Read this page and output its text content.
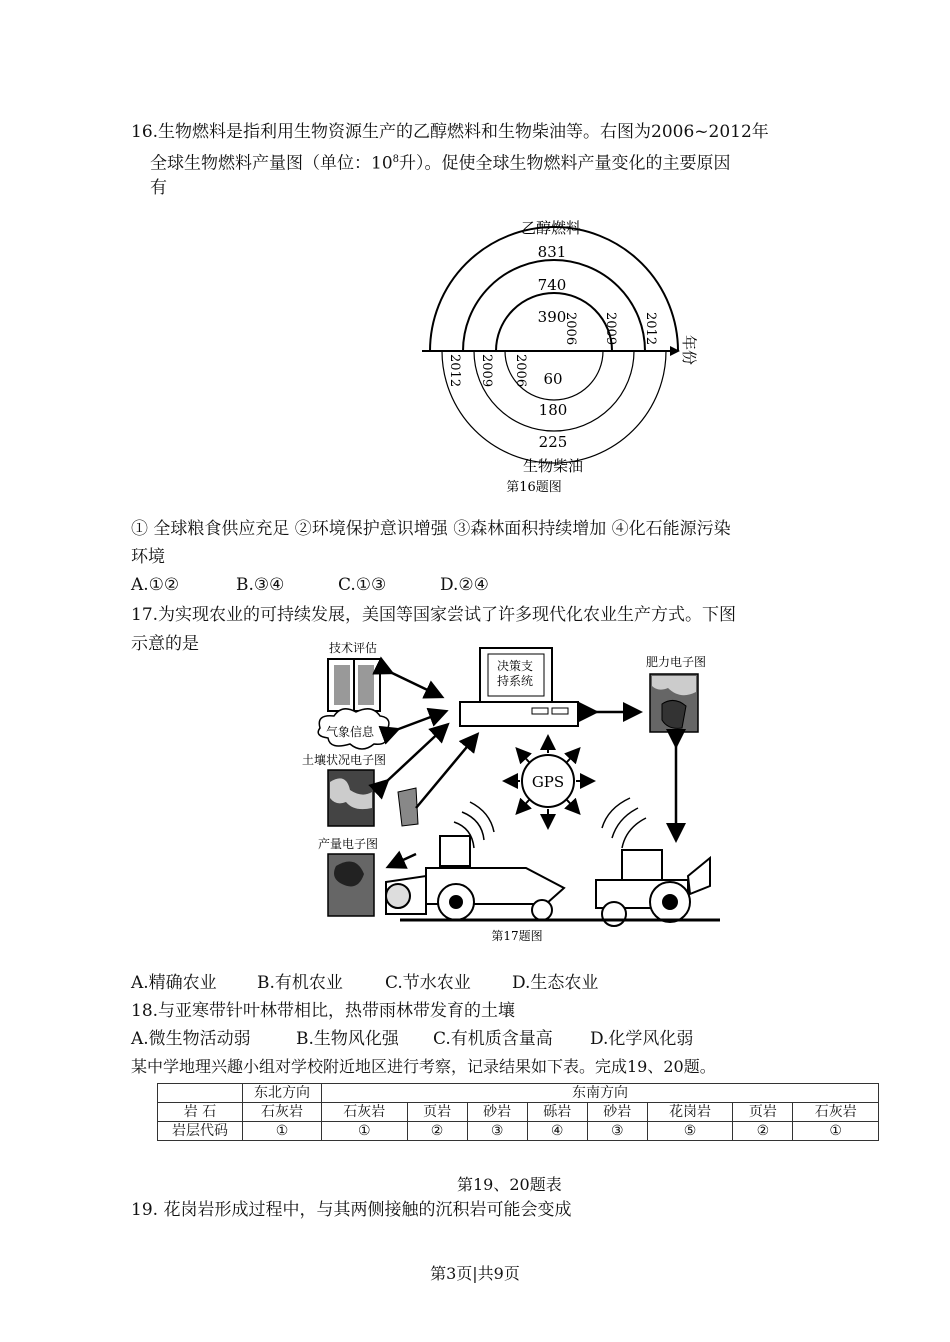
16.生物燃料是指利用生物资源生产的乙醇燃料和生物柴油等。右图为2006~2012年
全球生物燃料产量图（单位：$10^8$升）。促使全球生物燃料产量变化的主要原因
有
乙醇燃料
831
740
390
60
180
225
生物柴油
第16题图
2006 2009 2012
2012 2009 2006
年份
① 全球粮食供应充足 ②环境保护意识增强 ③森林面积持续增加 ④化石能源污染
环境
A.①②	B.③④	C.①③	D.②④
17.为实现农业的可持续发展，美国等国家尝试了许多现代化农业生产方式。下图
示意的是	技术评估
土壤状况电子图
产量电子图
肥力电子图
气象信息
决策支
持系统
GPS
第17题图
A.精确农业 B.有机农业 C.节水农业 D.生态农业
18.与亚寒带针叶林带相比，热带雨林带发育的土壤
A.微生物活动弱	B.生物风化强 C.有机质含量高 D.化学风化弱
某中学地理兴趣小组对学校附近地区进行考察，记录结果如下表。完成19、20题。
	东北方向	东南方向							
岩 石	石灰岩	石灰岩	页岩	砂岩	砾岩	砂岩	花岗岩	页岩	石灰岩
岩层代码	①	①	②	③	④	③	⑤	②	①
第19、20题表
19. 花岗岩形成过程中，与其两侧接触的沉积岩可能会变成
第3页|共9页
